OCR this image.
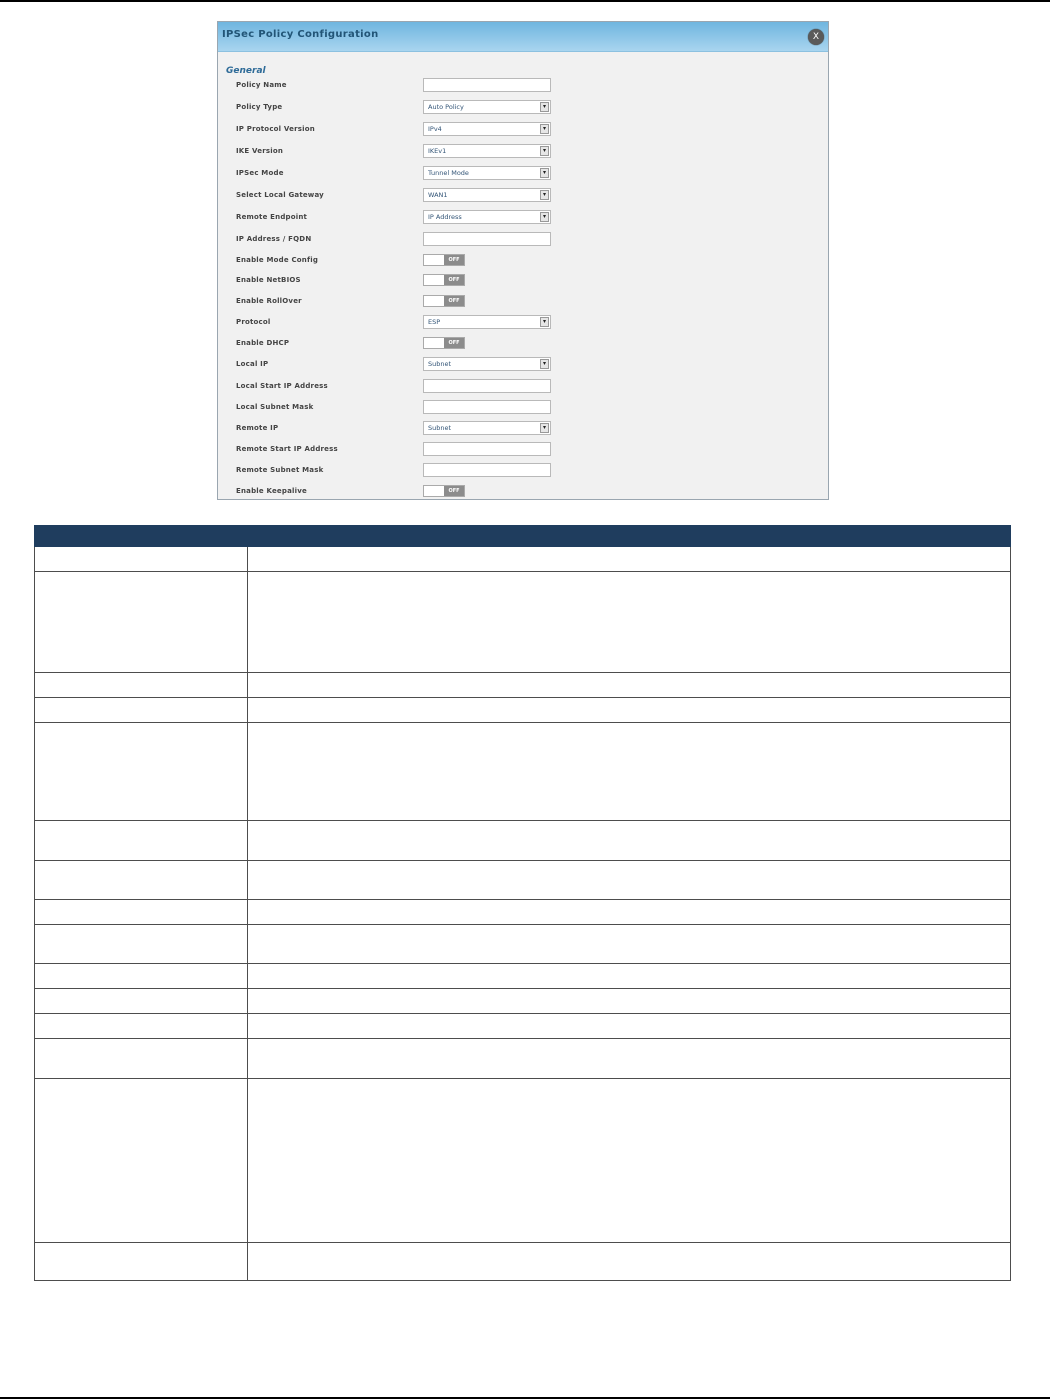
IPSec Policy Configuration	X
General
Policy Name
Policy Type	Auto Policy	▾
IP Protocol Version	IPv4	▾
IKE Version	IKEv1	▾
IPSec Mode	Tunnel Mode	▾
Select Local Gateway	WAN1	▾
Remote Endpoint	IP Address	▾
IP Address / FQDN
Enable Mode Config	OFF
Enable NetBIOS	OFF
Enable RollOver	OFF
Protocol	ESP	▾
Enable DHCP	OFF
Local IP	Subnet	▾
Local Start IP Address
Local Subnet Mask
Remote IP	Subnet	▾
Remote Start IP Address
Remote Subnet Mask
Enable Keepalive	OFF
